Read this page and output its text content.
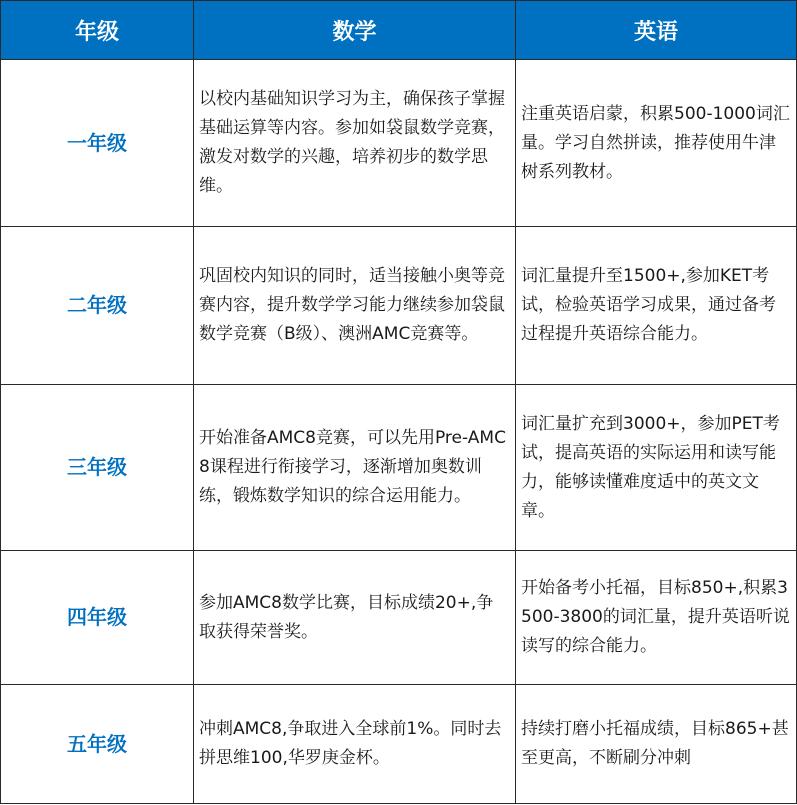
年级	数学	英语
一年级	以校内基础知识学习为主，确保孩子掌握基础运算等内容。参加如袋鼠数学竞赛，激发对数学的兴趣，培养初步的数学思维。	注重英语启蒙，积累500-1000词汇量。学习自然拼读，推荐使用牛津树系列教材。
二年级	巩固校内知识的同时，适当接触小奥等竞赛内容，提升数学学习能力继续参加袋鼠数学竞赛（B级）、澳洲AMC竞赛等。	词汇量提升至1500+,参加KET考试，检验英语学习成果，通过备考过程提升英语综合能力。
三年级	开始准备AMC8竞赛，可以先用Pre-AMC8课程进行衔接学习，逐渐增加奥数训练，锻炼数学知识的综合运用能力。	词汇量扩充到3000+，参加PET考试，提高英语的实际运用和读写能力，能够读懂难度适中的英文文章。
四年级	参加AMC8数学比赛，目标成绩20+,争取获得荣誉奖。	开始备考小托福，目标850+,积累3500-3800的词汇量，提升英语听说读写的综合能力。
五年级	冲刺AMC8,争取进入全球前1%。同时去拼思维100,华罗庚金杯。	持续打磨小托福成绩，目标865+甚至更高，不断刷分冲刺
